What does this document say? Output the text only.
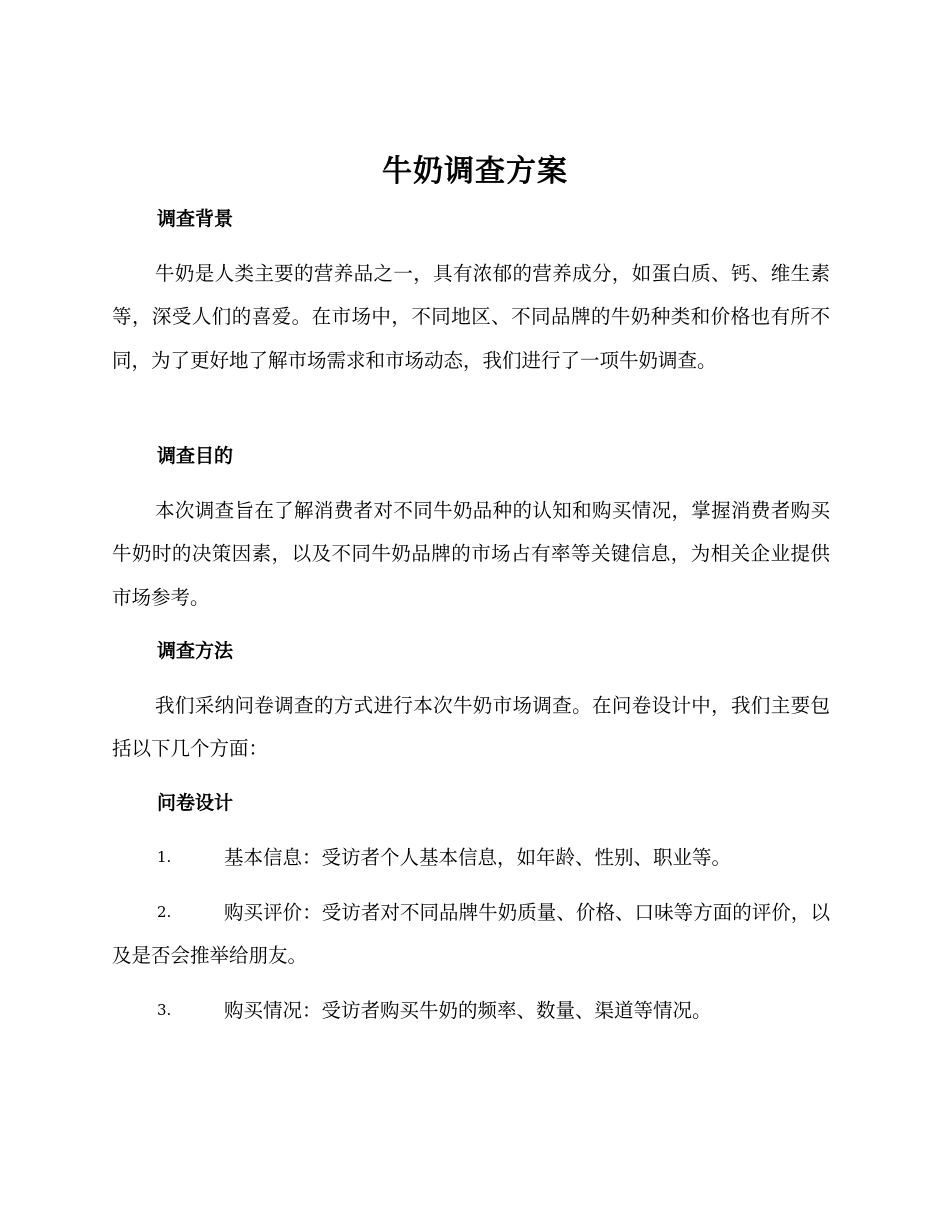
牛奶调查方案
调查背景

牛奶是人类主要的营养品之一，具有浓郁的营养成分，如蛋白质、钙、维生素等，深受人们的喜爱。在市场中，不同地区、不同品牌的牛奶种类和价格也有所不同，为了更好地了解市场需求和市场动态，我们进行了一项牛奶调查。

调查目的

本次调查旨在了解消费者对不同牛奶品种的认知和购买情况，掌握消费者购买牛奶时的决策因素，以及不同牛奶品牌的市场占有率等关键信息，为相关企业提供市场参考。

调查方法

我们采纳问卷调查的方式进行本次牛奶市场调查。在问卷设计中，我们主要包括以下几个方面：

问卷设计
1.	基本信息：受访者个人基本信息，如年龄、性别、职业等。
2.	购买评价：受访者对不同品牌牛奶质量、价格、口味等方面的评价，以及是否会推举给朋友。
3.	购买情况：受访者购买牛奶的频率、数量、渠道等情况。
